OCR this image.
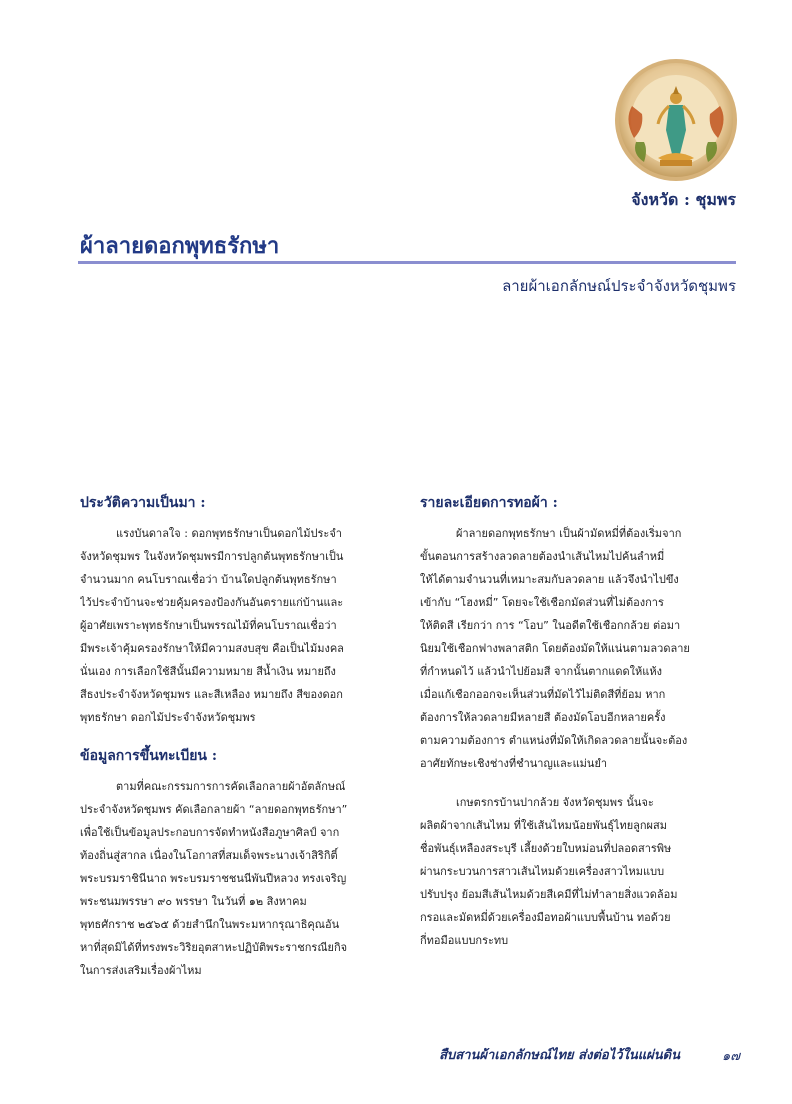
จังหวัด : ชุมพร
ผ้าลายดอกพุทธรักษา
ลายผ้าเอกลักษณ์ประจำจังหวัดชุมพร
ประวัติความเป็นมา :
แรงบันดาลใจ : ดอกพุทธรักษาเป็นดอกไม้ประจำ
จังหวัดชุมพร ในจังหวัดชุมพรมีการปลูกต้นพุทธรักษาเป็น
จำนวนมาก คนโบราณเชื่อว่า บ้านใดปลูกต้นพุทธรักษา
ไว้ประจำบ้านจะช่วยคุ้มครองป้องกันอันตรายแก่บ้านและ
ผู้อาศัยเพราะพุทธรักษาเป็นพรรณไม้ที่คนโบราณเชื่อว่า
มีพระเจ้าคุ้มครองรักษาให้มีความสงบสุข คือเป็นไม้มงคล
นั่นเอง การเลือกใช้สีนั้นมีความหมาย สีน้ำเงิน หมายถึง
สีธงประจำจังหวัดชุมพร และสีเหลือง หมายถึง สีของดอก
พุทธรักษา ดอกไม้ประจำจังหวัดชุมพร
ข้อมูลการขึ้นทะเบียน :
ตามที่คณะกรรมการการคัดเลือกลายผ้าอัตลักษณ์
ประจำจังหวัดชุมพร คัดเลือกลายผ้า “ลายดอกพุทธรักษา”
เพื่อใช้เป็นข้อมูลประกอบการจัดทำหนังสือภูษาศิลป์ จาก
ท้องถิ่นสู่สากล เนื่องในโอกาสที่สมเด็จพระนางเจ้าสิริกิติ์
พระบรมราชินีนาถ พระบรมราชชนนีพันปีหลวง ทรงเจริญ
พระชนมพรรษา ๙๐ พรรษา ในวันที่ ๑๒ สิงหาคม
พุทธศักราช ๒๕๖๕ ด้วยสำนึกในพระมหากรุณาธิคุณอัน
หาที่สุดมิได้ที่ทรงพระวิริยอุตสาหะปฏิบัติพระราชกรณียกิจ
ในการส่งเสริมเรื่องผ้าไหม
รายละเอียดการทอผ้า :
ผ้าลายดอกพุทธรักษา เป็นผ้ามัดหมี่ที่ต้องเริ่มจาก
ขั้นตอนการสร้างลวดลายต้องนำเส้นไหมไปค้นลำหมี่
ให้ได้ตามจำนวนที่เหมาะสมกับลวดลาย แล้วจึงนำไปขึง
เข้ากับ “โฮงหมี่” โดยจะใช้เชือกมัดส่วนที่ไม่ต้องการ
ให้ติดสี เรียกว่า การ “โอบ” ในอดีตใช้เชือกกล้วย ต่อมา
นิยมใช้เชือกฟางพลาสติก โดยต้องมัดให้แน่นตามลวดลาย
ที่กำหนดไว้ แล้วนำไปย้อมสี จากนั้นตากแดดให้แห้ง
เมื่อแก้เชือกออกจะเห็นส่วนที่มัดไว้ไม่ติดสีที่ย้อม หาก
ต้องการให้ลวดลายมีหลายสี ต้องมัดโอบอีกหลายครั้ง
ตามความต้องการ ตำแหน่งที่มัดให้เกิดลวดลายนั้นจะต้อง
อาศัยทักษะเชิงช่างที่ชำนาญและแม่นยำ
เกษตรกรบ้านปากล้วย จังหวัดชุมพร นั้นจะ
ผลิตผ้าจากเส้นไหม ที่ใช้เส้นไหมน้อยพันธุ์ไทยลูกผสม
ชื่อพันธุ์เหลืองสระบุรี เลี้ยงด้วยใบหม่อนที่ปลอดสารพิษ
ผ่านกระบวนการสาวเส้นไหมด้วยเครื่องสาวไหมแบบ
ปรับปรุง ย้อมสีเส้นไหมด้วยสีเคมีที่ไม่ทำลายสิ่งแวดล้อม
กรอและมัดหมี่ด้วยเครื่องมือทอผ้าแบบพื้นบ้าน ทอด้วย
กี่ทอมือแบบกระทบ
สืบสานผ้าเอกลักษณ์ไทย ส่งต่อไว้ในแผ่นดิน	๑๗
